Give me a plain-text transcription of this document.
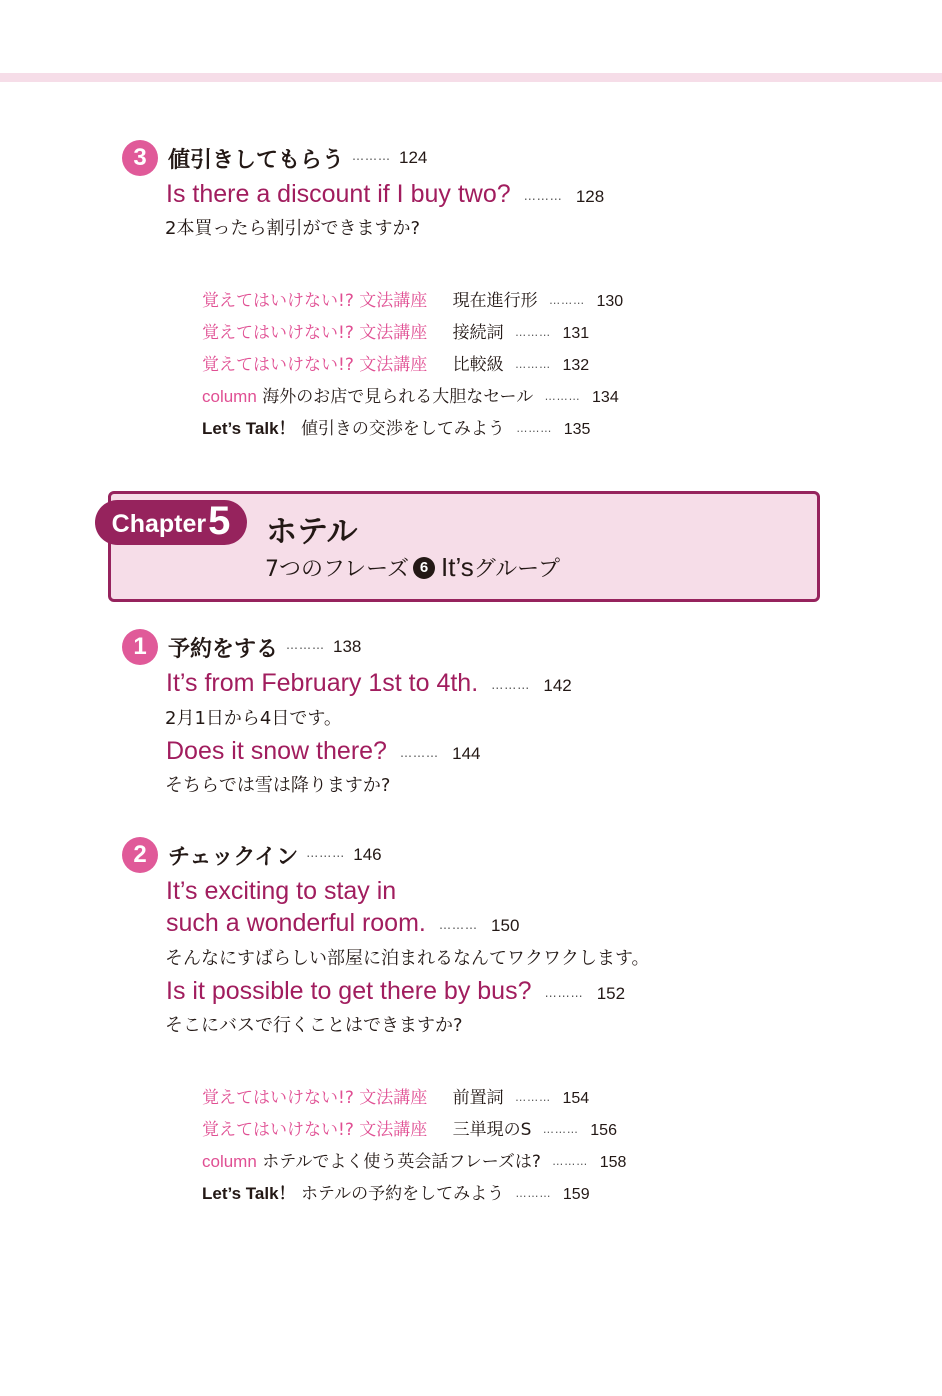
3 値引きしてもらう ……… 124
Is there a discount if I buy two? ……… 128
2本買ったら割引ができますか?
覚えてはいけない!? 文法講座 現在進行形 ……… 130
覚えてはいけない!? 文法講座 接続詞 ……… 131
覚えてはいけない!? 文法講座 比較級 ……… 132
column 海外のお店で見られる大胆なセール ……… 134
Let’s Talk！ 値引きの交渉をしてみよう ……… 135
Chapter 5 ホテル
7つのフレーズ 6 It’s グループ
1 予約をする ……… 138
It’s from February 1st to 4th. ……… 142
2月1日から4日です。
Does it snow there? ……… 144
そちらでは雪は降りますか?
2 チェックイン ……… 146
It’s exciting to stay in
such a wonderful room. ……… 150
そんなにすばらしい部屋に泊まれるなんてワクワクします。
Is it possible to get there by bus? ……… 152
そこにバスで行くことはできますか?
覚えてはいけない!? 文法講座 前置詞 ……… 154
覚えてはいけない!? 文法講座 三単現のS ……… 156
column ホテルでよく使う英会話フレーズは? ……… 158
Let’s Talk！ ホテルの予約をしてみよう ……… 159
